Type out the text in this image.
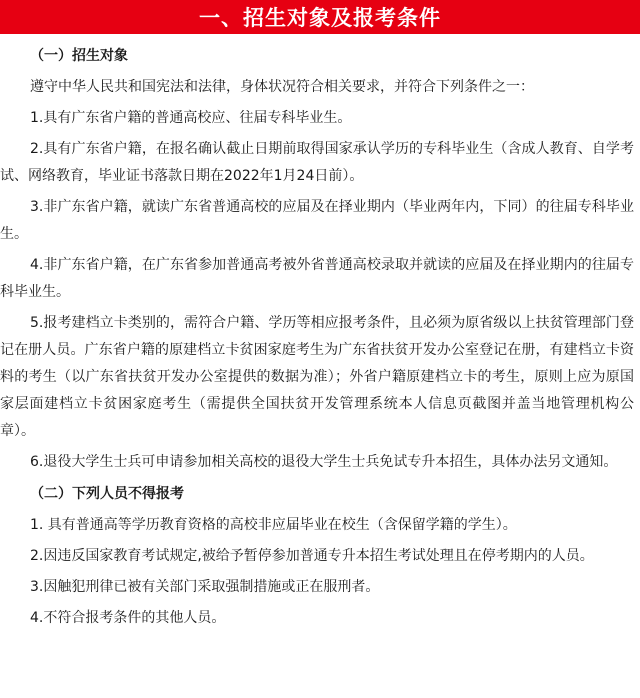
一、招生对象及报考条件
（一）招生对象

遵守中华人民共和国宪法和法律，身体状况符合相关要求，并符合下列条件之一：

1.具有广东省户籍的普通高校应、往届专科毕业生。

2.具有广东省户籍，在报名确认截止日期前取得国家承认学历的专科毕业生（含成人教育、自学考试、网络教育，毕业证书落款日期在2022年1月24日前）。

3.非广东省户籍，就读广东省普通高校的应届及在择业期内（毕业两年内，下同）的往届专科毕业生。

4.非广东省户籍，在广东省参加普通高考被外省普通高校录取并就读的应届及在择业期内的往届专科毕业生。

5.报考建档立卡类别的，需符合户籍、学历等相应报考条件，且必须为原省级以上扶贫管理部门登记在册人员。广东省户籍的原建档立卡贫困家庭考生为广东省扶贫开发办公室登记在册，有建档立卡资料的考生（以广东省扶贫开发办公室提供的数据为准）；外省户籍原建档立卡的考生，原则上应为原国家层面建档立卡贫困家庭考生（需提供全国扶贫开发管理系统本人信息页截图并盖当地管理机构公章）。

6.退役大学生士兵可申请参加相关高校的退役大学生士兵免试专升本招生，具体办法另文通知。

（二）下列人员不得报考

1. 具有普通高等学历教育资格的高校非应届毕业在校生（含保留学籍的学生）。

2.因违反国家教育考试规定,被给予暂停参加普通专升本招生考试处理且在停考期内的人员。

3.因触犯刑律已被有关部门采取强制措施或正在服刑者。

4.不符合报考条件的其他人员。
